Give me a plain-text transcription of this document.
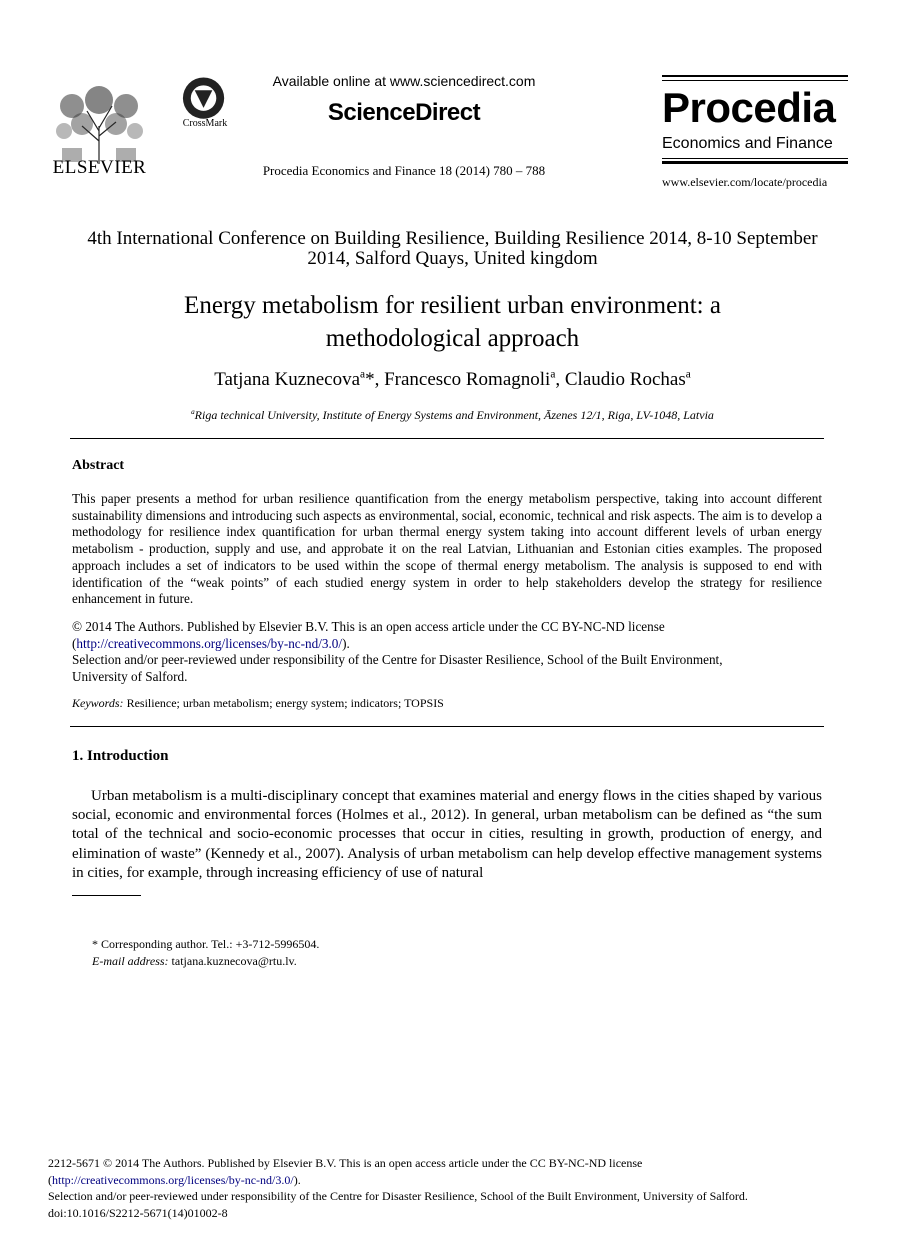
ELSEVIER
CrossMark
Available online at www.sciencedirect.com
ScienceDirect
Procedia Economics and Finance 18 (2014) 780 – 788
Procedia
Economics and Finance
www.elsevier.com/locate/procedia
4th International Conference on Building Resilience, Building Resilience 2014, 8-10 September 2014, Salford Quays, United kingdom
Energy metabolism for resilient urban environment: a
methodological approach
Tatjana Kuznecova$^a$*, Francesco Romagnoli$^a$, Claudio Rochas$^a$
$^a$Riga technical University, Institute of Energy Systems and Environment, Āzenes 12/1, Riga, LV-1048, Latvia
Abstract
This paper presents a method for urban resilience quantification from the energy metabolism perspective, taking into account different sustainability dimensions and introducing such aspects as environmental, social, economic, technical and risk aspects. The aim is to develop a methodology for resilience index quantification for urban thermal energy system taking into account different levels of urban energy metabolism - production, supply and use, and approbate it on the real Latvian, Lithuanian and Estonian cities examples. The proposed approach includes a set of indicators to be used within the scope of thermal energy metabolism. The analysis is supposed to end with identification of the “weak points” of each studied energy system in order to help stakeholders develop the strategy for resilience enhancement in future.
© 2014 The Authors. Published by Elsevier B.V. This is an open access article under the CC BY-NC-ND license
(http://creativecommons.org/licenses/by-nc-nd/3.0/).
Selection and/or peer-reviewed under responsibility of the Centre for Disaster Resilience, School of the Built Environment, University of Salford.
Keywords: Resilience; urban metabolism; energy system; indicators; TOPSIS
1. Introduction
Urban metabolism is a multi-disciplinary concept that examines material and energy flows in the cities shaped by various social, economic and environmental forces (Holmes et al., 2012). In general, urban metabolism can be defined as “the sum total of the technical and socio-economic processes that occur in cities, resulting in growth, production of energy, and elimination of waste” (Kennedy et al., 2007). Analysis of urban metabolism can help develop effective management systems in cities, for example, through increasing efficiency of use of natural
* Corresponding author. Tel.: +3-712-5996504.
E-mail address: tatjana.kuznecova@rtu.lv.
2212-5671 © 2014 The Authors. Published by Elsevier B.V. This is an open access article under the CC BY-NC-ND license
(http://creativecommons.org/licenses/by-nc-nd/3.0/).
Selection and/or peer-reviewed under responsibility of the Centre for Disaster Resilience, School of the Built Environment, University of Salford.
doi:10.1016/S2212-5671(14)01002-8
